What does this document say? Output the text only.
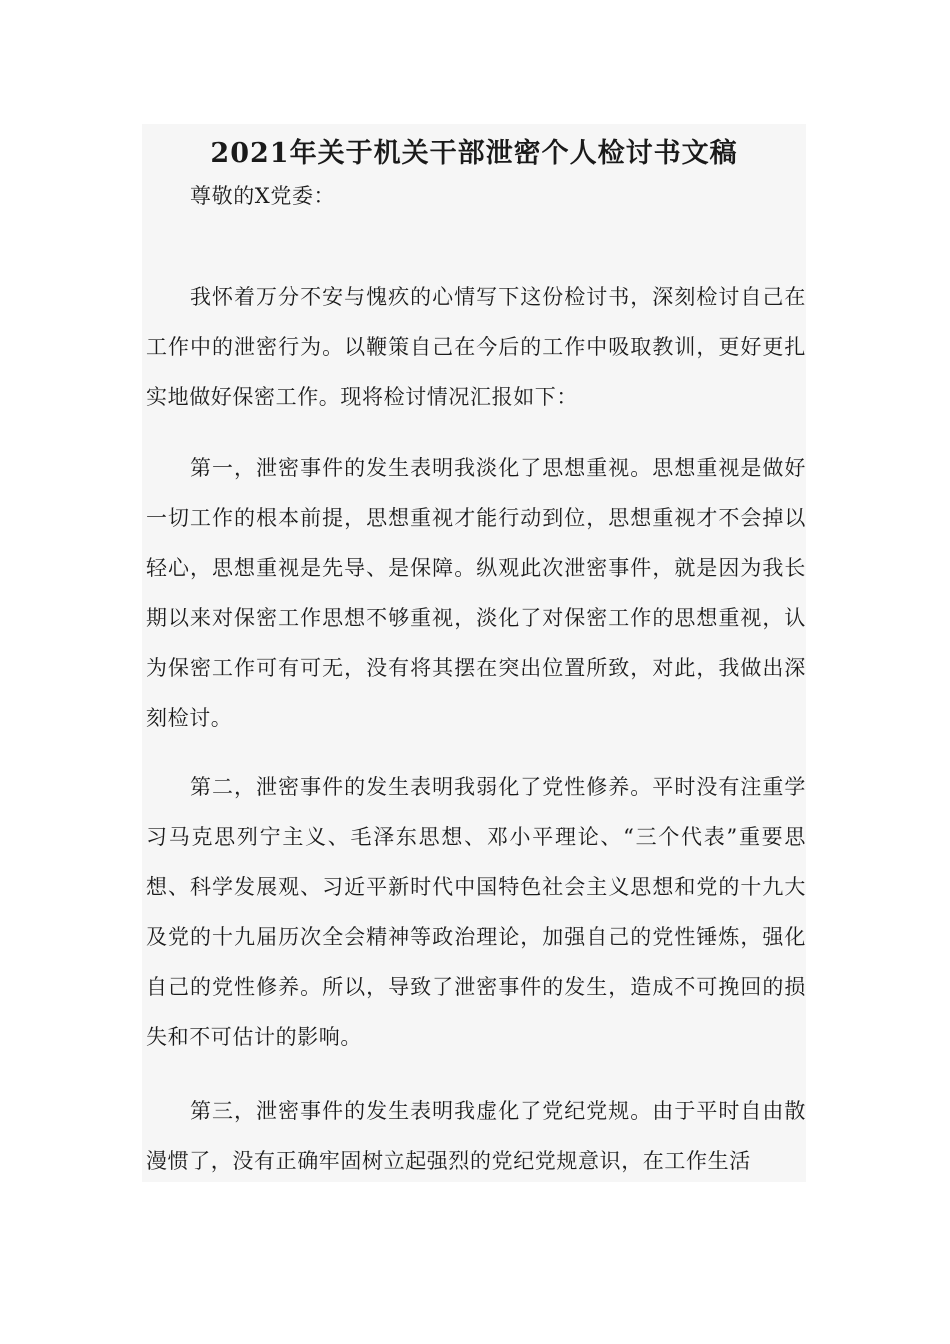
2021年关于机关干部泄密个人检讨书文稿

尊敬的X党委：

我怀着万分不安与愧疚的心情写下这份检讨书，深刻检讨自己在工作中的泄密行为。以鞭策自己在今后的工作中吸取教训，更好更扎实地做好保密工作。现将检讨情况汇报如下：

第一，泄密事件的发生表明我淡化了思想重视。思想重视是做好一切工作的根本前提，思想重视才能行动到位，思想重视才不会掉以轻心，思想重视是先导、是保障。纵观此次泄密事件，就是因为我长期以来对保密工作思想不够重视，淡化了对保密工作的思想重视，认为保密工作可有可无，没有将其摆在突出位置所致，对此，我做出深刻检讨。

第二，泄密事件的发生表明我弱化了党性修养。平时没有注重学习马克思列宁主义、毛泽东思想、邓小平理论、“三个代表”重要思想、科学发展观、习近平新时代中国特色社会主义思想和党的十九大及党的十九届历次全会精神等政治理论，加强自己的党性锤炼，强化自己的党性修养。所以，导致了泄密事件的发生，造成不可挽回的损失和不可估计的影响。

第三，泄密事件的发生表明我虚化了党纪党规。由于平时自由散漫惯了，没有正确牢固树立起强烈的党纪党规意识，在工作生活
